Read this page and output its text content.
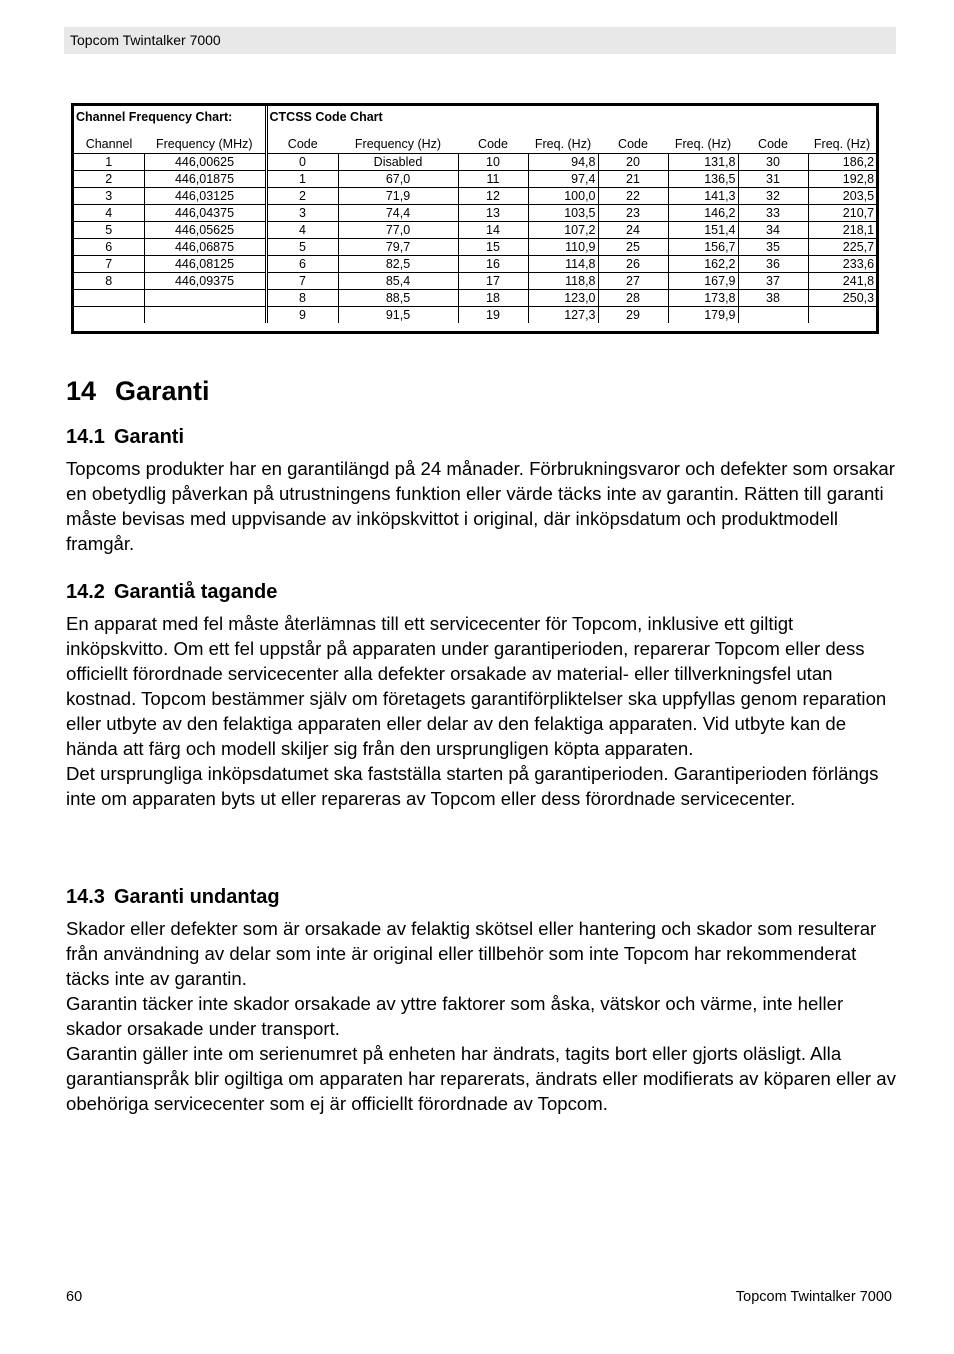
Topcom Twintalker 7000
Channel Frequency Chart:		CTCSS Code Chart							
Channel	Frequency (MHz)	Code	Frequency (Hz)	Code	Freq. (Hz)	Code	Freq. (Hz)	Code	Freq. (Hz)
1	446,00625	0	Disabled	10	94,8	20	131,8	30	186,2
2	446,01875	1	67,0	11	97,4	21	136,5	31	192,8
3	446,03125	2	71,9	12	100,0	22	141,3	32	203,5
4	446,04375	3	74,4	13	103,5	23	146,2	33	210,7
5	446,05625	4	77,0	14	107,2	24	151,4	34	218,1
6	446,06875	5	79,7	15	110,9	25	156,7	35	225,7
7	446,08125	6	82,5	16	114,8	26	162,2	36	233,6
8	446,09375	7	85,4	17	118,8	27	167,9	37	241,8
		8	88,5	18	123,0	28	173,8	38	250,3
		9	91,5	19	127,3	29	179,9		
14 Garanti
14.1 Garanti

Topcoms produkter har en garantilängd på 24 månader. Förbrukningsvaror och defekter som orsakar en obetydlig påverkan på utrustningens funktion eller värde täcks inte av garantin. Rätten till garanti måste bevisas med uppvisande av inköpskvittot i original, där inköpsdatum och produktmodell framgår.

14.2 Garantiå tagande

En apparat med fel måste återlämnas till ett servicecenter för Topcom, inklusive ett giltigt inköpskvitto. Om ett fel uppstår på apparaten under garantiperioden, reparerar Topcom eller dess officiellt förordnade servicecenter alla defekter orsakade av material- eller tillverkningsfel utan kostnad. Topcom bestämmer själv om företagets garantiförpliktelser ska uppfyllas genom reparation eller utbyte av den felaktiga apparaten eller delar av den felaktiga apparaten. Vid utbyte kan de hända att färg och modell skiljer sig från den ursprungligen köpta apparaten.

Det ursprungliga inköpsdatumet ska fastställa starten på garantiperioden. Garantiperioden förlängs inte om apparaten byts ut eller repareras av Topcom eller dess förordnade servicecenter.

14.3 Garanti undantag

Skador eller defekter som är orsakade av felaktig skötsel eller hantering och skador som resulterar från användning av delar som inte är original eller tillbehör som inte Topcom har rekommenderat täcks inte av garantin.

Garantin täcker inte skador orsakade av yttre faktorer som åska, vätskor och värme, inte heller skador orsakade under transport.

Garantin gäller inte om serienumret på enheten har ändrats, tagits bort eller gjorts oläsligt. Alla garantianspråk blir ogiltiga om apparaten har reparerats, ändrats eller modifierats av köparen eller av obehöriga servicecenter som ej är officiellt förordnade av Topcom.

60	Topcom Twintalker 7000
